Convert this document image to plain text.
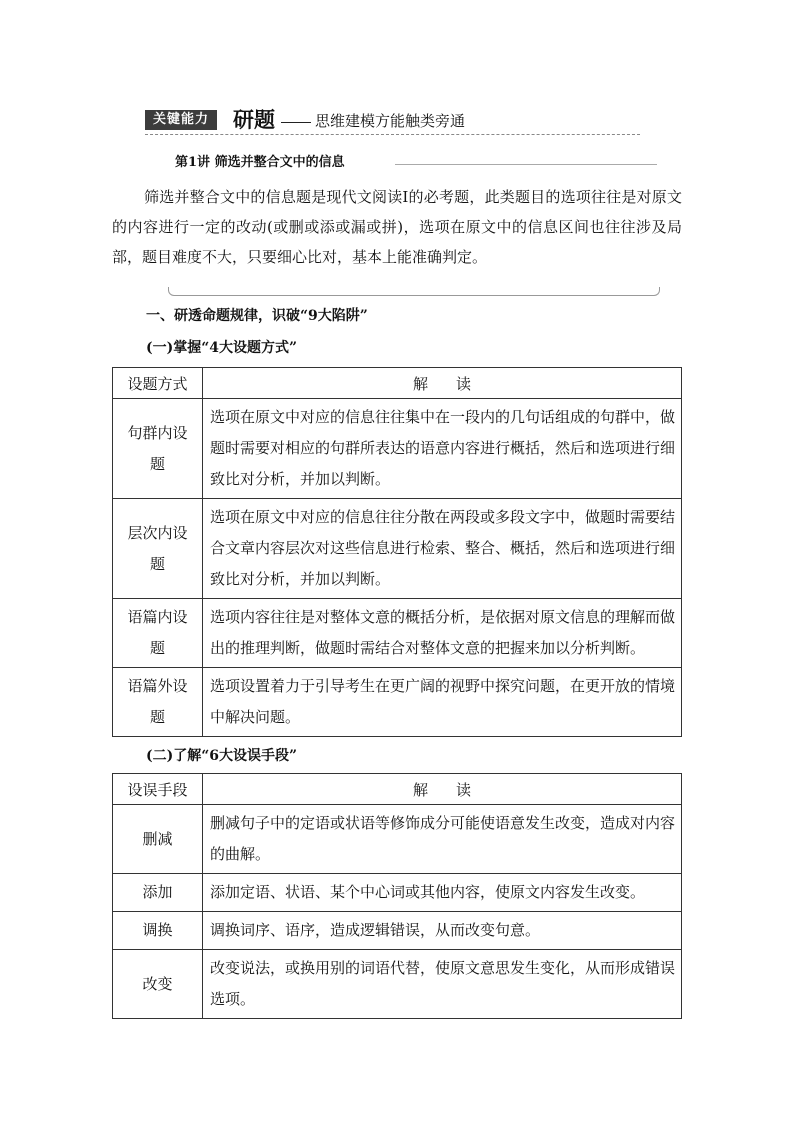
关键能力	研题	思维建模方能触类旁通
第1讲 筛选并整合文中的信息
筛选并整合文中的信息题是现代文阅读Ⅰ的必考题，此类题目的选项往往是对原文的内容进行一定的改动(或删或添或漏或拼)，选项在原文中的信息区间也往往涉及局部，题目难度不大，只要细心比对，基本上能准确判定。
一、研透命题规律，识破“9大陷阱”
(一)掌握“4大设题方式”
设题方式	解读
句群内设题	选项在原文中对应的信息往往集中在一段内的几句话组成的句群中，做题时需要对相应的句群所表达的语意内容进行概括，然后和选项进行细致比对分析，并加以判断。
层次内设题	选项在原文中对应的信息往往分散在两段或多段文字中，做题时需要结合文章内容层次对这些信息进行检索、整合、概括，然后和选项进行细致比对分析，并加以判断。
语篇内设题	选项内容往往是对整体文意的概括分析，是依据对原文信息的理解而做出的推理判断，做题时需结合对整体文意的把握来加以分析判断。
语篇外设题	选项设置着力于引导考生在更广阔的视野中探究问题，在更开放的情境中解决问题。
(二)了解“6大设误手段”
设误手段	解读
删减	删减句子中的定语或状语等修饰成分可能使语意发生改变，造成对内容的曲解。
添加	添加定语、状语、某个中心词或其他内容，使原文内容发生改变。
调换	调换词序、语序，造成逻辑错误，从而改变句意。
改变	改变说法，或换用别的词语代替，使原文意思发生变化，从而形成错误选项。
